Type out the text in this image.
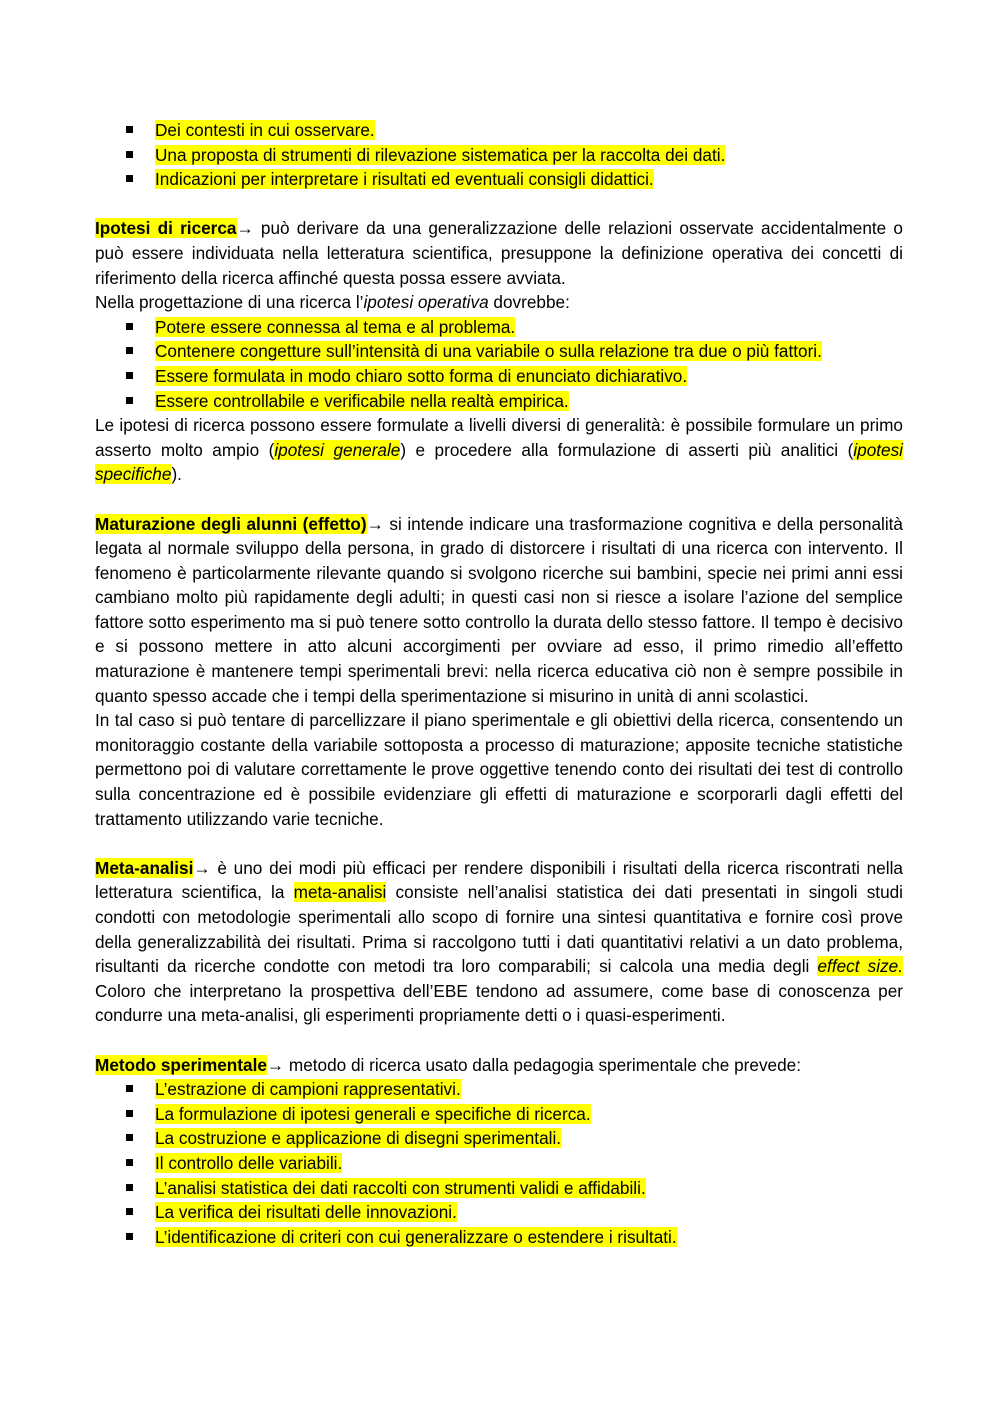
Dei contesti in cui osservare.
Una proposta di strumenti di rilevazione sistematica per la raccolta dei dati.
Indicazioni per interpretare i risultati ed eventuali consigli didattici.

Ipotesi di ricerca→ può derivare da una generalizzazione delle relazioni osservate accidentalmente o può essere individuata nella letteratura scientifica, presuppone la definizione operativa dei concetti di riferimento della ricerca affinché questa possa essere avviata.

Nella progettazione di una ricerca l’ipotesi operativa dovrebbe:

Potere essere connessa al tema e al problema.
Contenere congetture sull’intensità di una variabile o sulla relazione tra due o più fattori.
Essere formulata in modo chiaro sotto forma di enunciato dichiarativo.
Essere controllabile e verificabile nella realtà empirica.

Le ipotesi di ricerca possono essere formulate a livelli diversi di generalità: è possibile formulare un primo asserto molto ampio (ipotesi generale) e procedere alla formulazione di asserti più analitici (ipotesi specifiche).

Maturazione degli alunni (effetto)→ si intende indicare una trasformazione cognitiva e della personalità legata al normale sviluppo della persona, in grado di distorcere i risultati di una ricerca con intervento. Il fenomeno è particolarmente rilevante quando si svolgono ricerche sui bambini, specie nei primi anni essi cambiano molto più rapidamente degli adulti; in questi casi non si riesce a isolare l’azione del semplice fattore sotto esperimento ma si può tenere sotto controllo la durata dello stesso fattore. Il tempo è decisivo e si possono mettere in atto alcuni accorgimenti per ovviare ad esso, il primo rimedio all’effetto maturazione è mantenere tempi sperimentali brevi: nella ricerca educativa ciò non è sempre possibile in quanto spesso accade che i tempi della sperimentazione si misurino in unità di anni scolastici.

In tal caso si può tentare di parcellizzare il piano sperimentale e gli obiettivi della ricerca, consentendo un monitoraggio costante della variabile sottoposta a processo di maturazione; apposite tecniche statistiche permettono poi di valutare correttamente le prove oggettive tenendo conto dei risultati dei test di controllo sulla concentrazione ed è possibile evidenziare gli effetti di maturazione e scorporarli dagli effetti del trattamento utilizzando varie tecniche.

Meta-analisi→ è uno dei modi più efficaci per rendere disponibili i risultati della ricerca riscontrati nella letteratura scientifica, la meta-analisi consiste nell’analisi statistica dei dati presentati in singoli studi condotti con metodologie sperimentali allo scopo di fornire una sintesi quantitativa e fornire così prove della generalizzabilità dei risultati. Prima si raccolgono tutti i dati quantitativi relativi a un dato problema, risultanti da ricerche condotte con metodi tra loro comparabili; si calcola una media degli effect size. Coloro che interpretano la prospettiva dell’EBE tendono ad assumere, come base di conoscenza per condurre una meta-analisi, gli esperimenti propriamente detti o i quasi-esperimenti.

Metodo sperimentale→ metodo di ricerca usato dalla pedagogia sperimentale che prevede:

L’estrazione di campioni rappresentativi.
La formulazione di ipotesi generali e specifiche di ricerca.
La costruzione e applicazione di disegni sperimentali.
Il controllo delle variabili.
L’analisi statistica dei dati raccolti con strumenti validi e affidabili.
La verifica dei risultati delle innovazioni.
L’identificazione di criteri con cui generalizzare o estendere i risultati.
